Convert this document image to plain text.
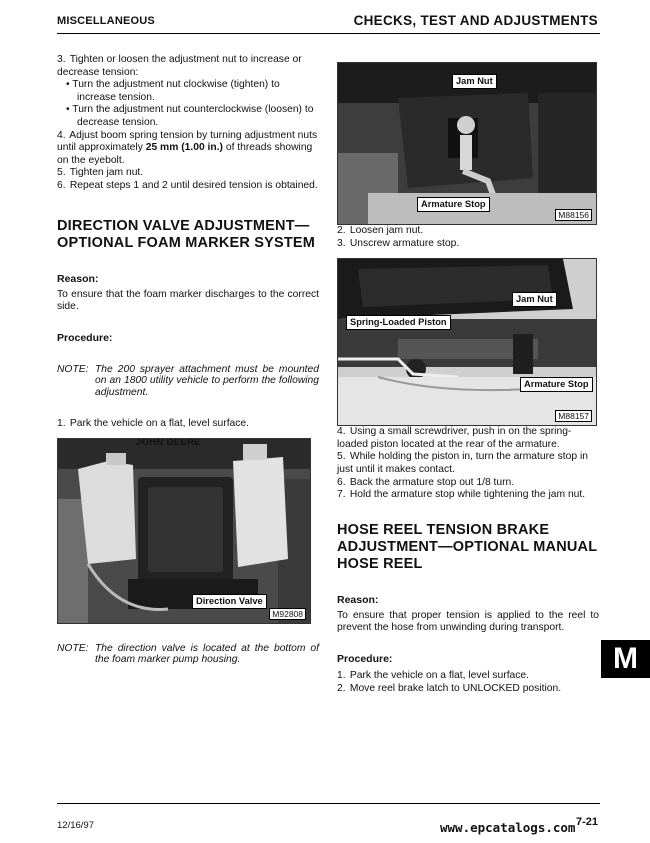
MISCELLANEOUS	CHECKS, TEST AND ADJUSTMENTS
3. Tighten or loosen the adjustment nut to increase or decrease tension:
• Turn the adjustment nut clockwise (tighten) to increase tension.
• Turn the adjustment nut counterclockwise (loosen) to decrease tension.
4. Adjust boom spring tension by turning adjustment nuts until approximately 25 mm (1.00 in.) of threads showing on the eyebolt.
5. Tighten jam nut.
6. Repeat steps 1 and 2 until desired tension is obtained.
DIRECTION VALVE ADJUSTMENT— OPTIONAL FOAM MARKER SYSTEM
Reason:
To ensure that the foam marker discharges to the correct side.
Procedure:
NOTE: The 200 sprayer attachment must be mounted on an 1800 utility vehicle to perform the following adjustment.
1. Park the vehicle on a flat, level surface.
JOHN DEERE
Direction Valve
M92808
NOTE: The direction valve is located at the bottom of the foam marker pump housing.
Jam Nut
Armature Stop
M88156
2. Loosen jam nut.
3. Unscrew armature stop.
Jam Nut
Spring-Loaded Piston
Armature Stop
M88157
4. Using a small screwdriver, push in on the spring-loaded piston located at the rear of the armature.
5. While holding the piston in, turn the armature stop in just until it makes contact.
6. Back the armature stop out 1/8 turn.
7. Hold the armature stop while tightening the jam nut.
HOSE REEL TENSION BRAKE ADJUSTMENT—OPTIONAL MANUAL HOSE REEL
Reason:
To ensure that proper tension is applied to the reel to prevent the hose from unwinding during transport.
Procedure:
1. Park the vehicle on a flat, level surface.
2. Move reel brake latch to UNLOCKED position.
M
12/16/97	www.epcatalogs.com 7-21
